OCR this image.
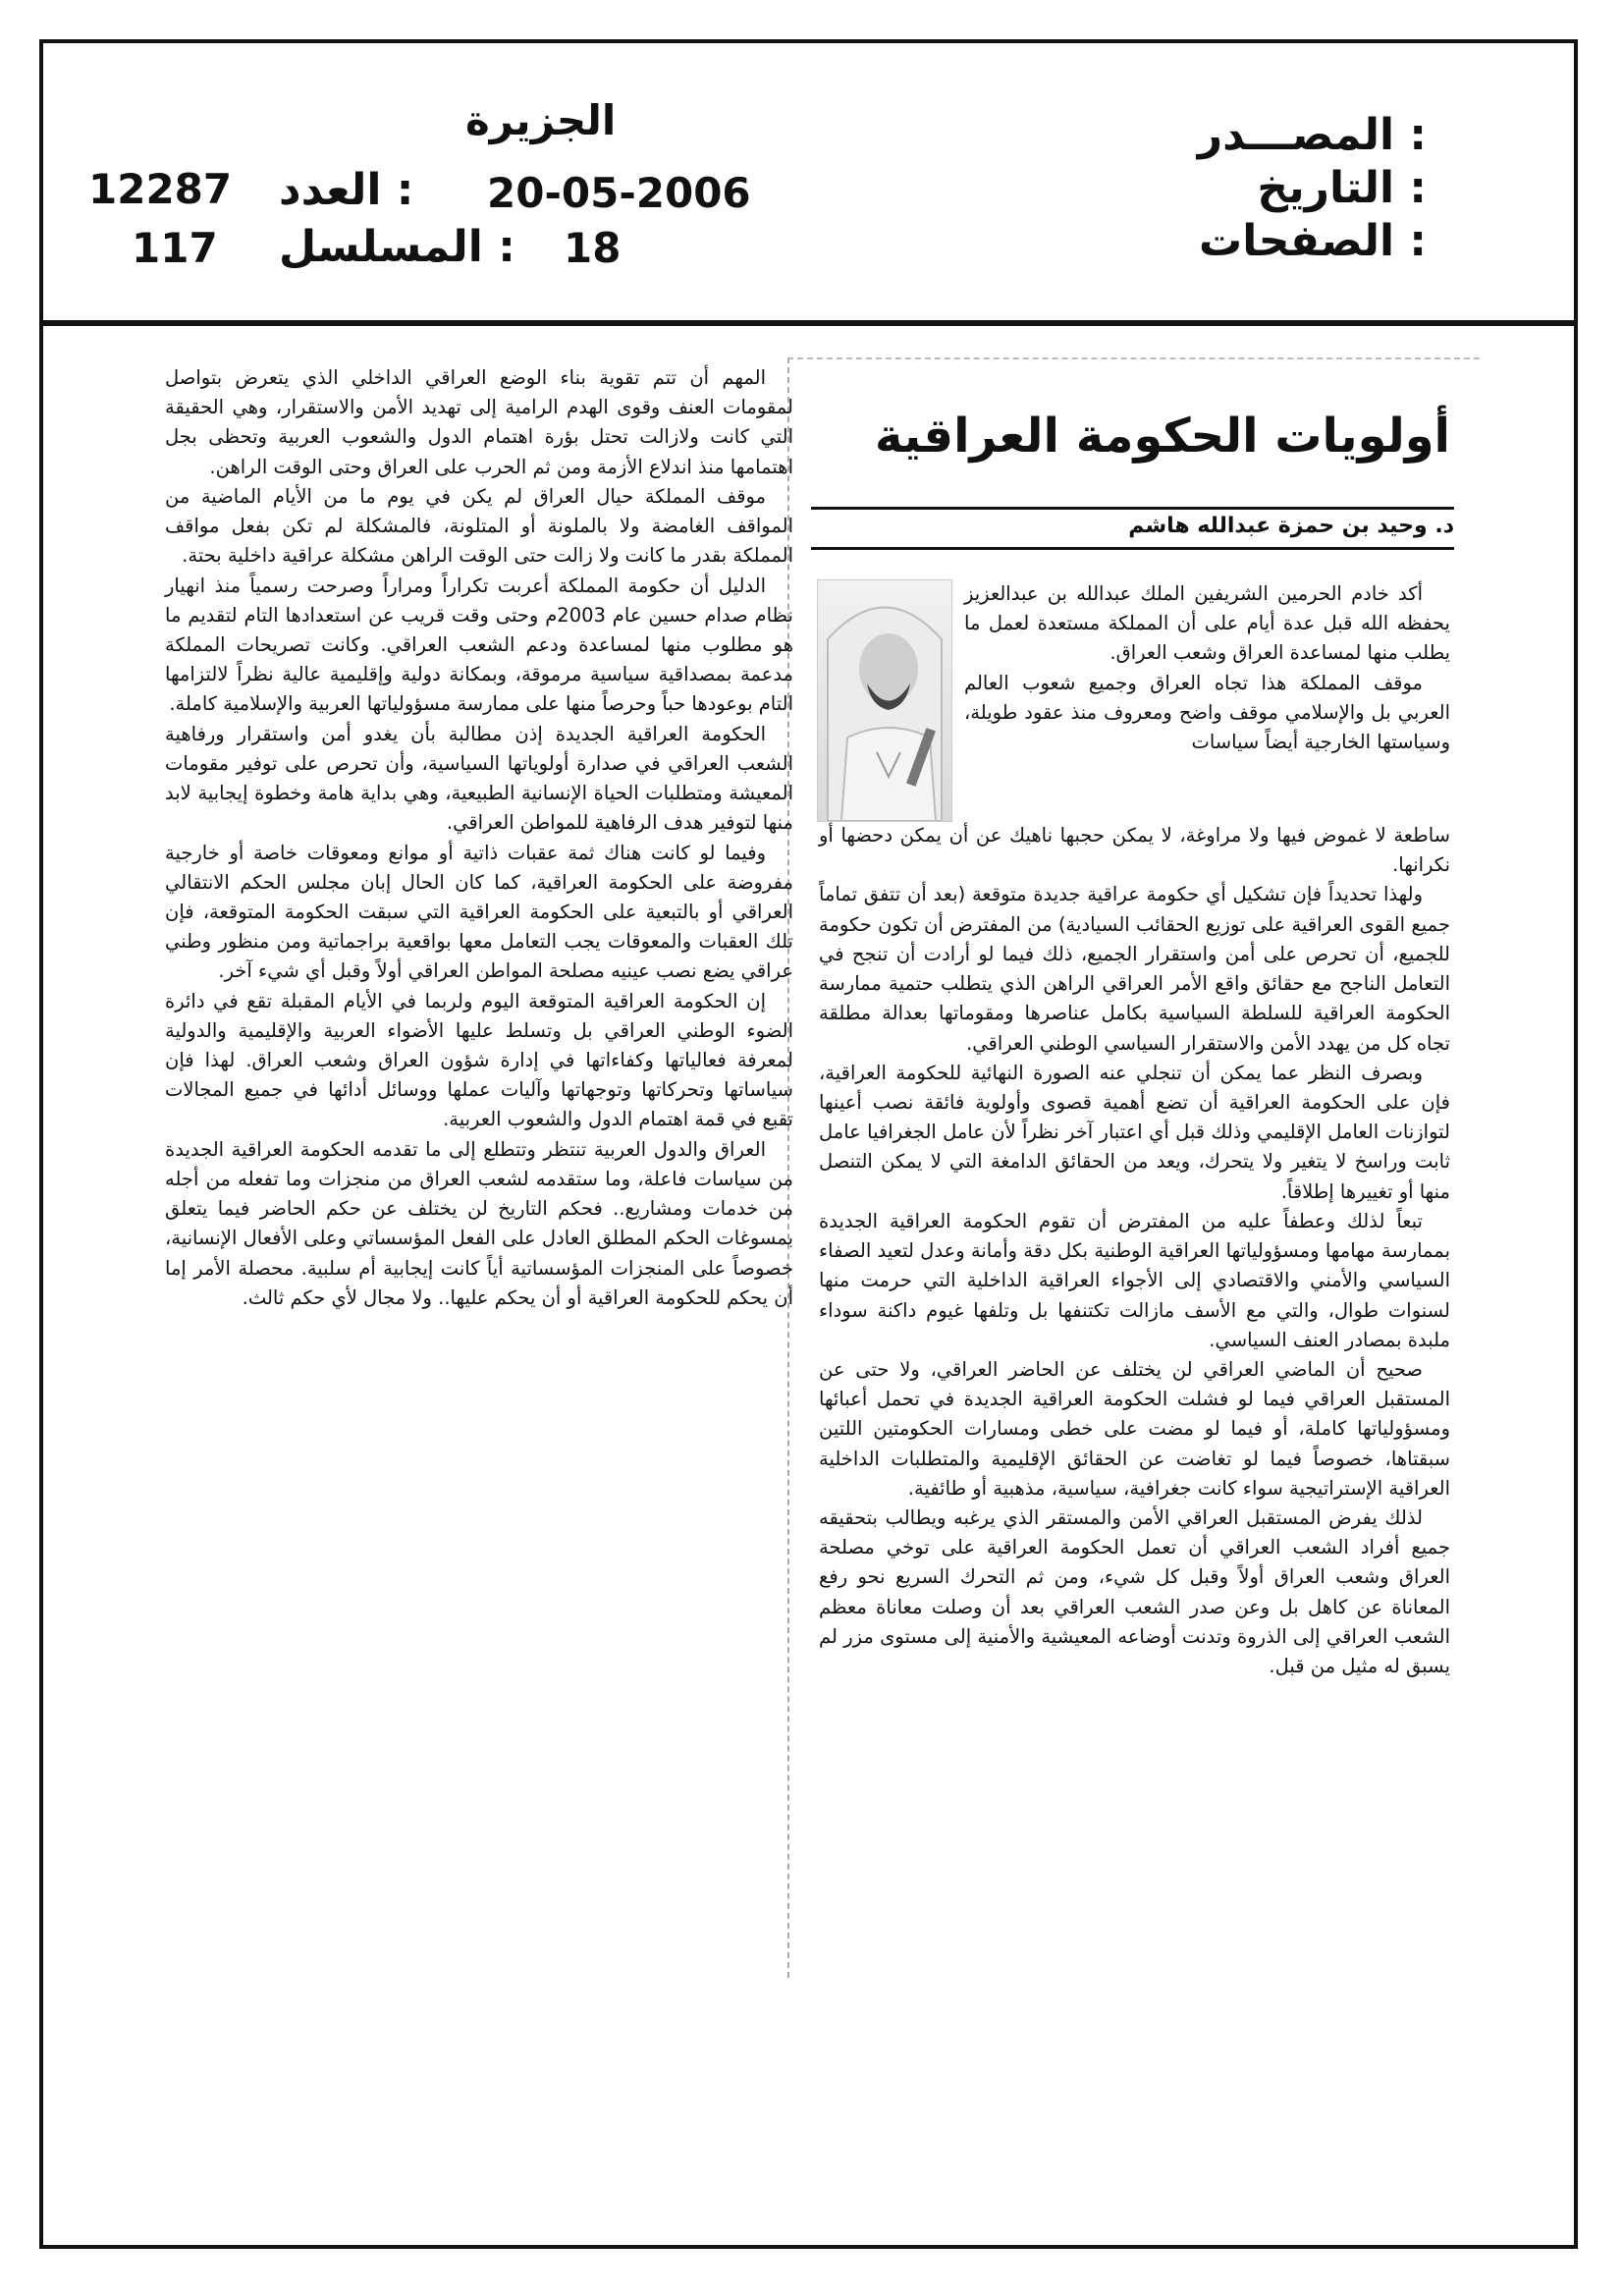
المصـــدر :
الجزيرة
التاريخ :
20-05-2006
العدد :
12287
الصفحات :
18
المسلسل :
117
أولويات الحكومة العراقية
د. وحيد بن حمزة عبدالله هاشم

أكد خادم الحرمين الشريفين الملك عبدالله بن عبدالعزيز يحفظه الله قبل عدة أيام على أن المملكة مستعدة لعمل ما يطلب منها لمساعدة العراق وشعب العراق.

موقف المملكة هذا تجاه العراق وجميع شعوب العالم العربي بل والإسلامي موقف واضح ومعروف منذ عقود طويلة، وسياستها الخارجية أيضاً سياسات

ساطعة لا غموض فيها ولا مراوغة، لا يمكن حجبها ناهيك عن أن يمكن دحضها أو نكرانها.

ولهذا تحديداً فإن تشكيل أي حكومة عراقية جديدة متوقعة (بعد أن تتفق تماماً جميع القوى العراقية على توزيع الحقائب السيادية) من المفترض أن تكون حكومة للجميع، أن تحرص على أمن واستقرار الجميع، ذلك فيما لو أرادت أن تنجح في التعامل الناجح مع حقائق واقع الأمر العراقي الراهن الذي يتطلب حتمية ممارسة الحكومة العراقية للسلطة السياسية بكامل عناصرها ومقوماتها بعدالة مطلقة تجاه كل من يهدد الأمن والاستقرار السياسي الوطني العراقي.

وبصرف النظر عما يمكن أن تنجلي عنه الصورة النهائية للحكومة العراقية، فإن على الحكومة العراقية أن تضع أهمية قصوى وأولوية فائقة نصب أعينها لتوازنات العامل الإقليمي وذلك قبل أي اعتبار آخر نظراً لأن عامل الجغرافيا عامل ثابت وراسخ لا يتغير ولا يتحرك، ويعد من الحقائق الدامغة التي لا يمكن التنصل منها أو تغييرها إطلاقاً.

تبعاً لذلك وعطفاً عليه من المفترض أن تقوم الحكومة العراقية الجديدة بممارسة مهامها ومسؤولياتها العراقية الوطنية بكل دقة وأمانة وعدل لتعيد الصفاء السياسي والأمني والاقتصادي إلى الأجواء العراقية الداخلية التي حرمت منها لسنوات طوال، والتي مع الأسف مازالت تكتنفها بل وتلفها غيوم داكنة سوداء ملبدة بمصادر العنف السياسي.

صحيح أن الماضي العراقي لن يختلف عن الحاضر العراقي، ولا حتى عن المستقبل العراقي فيما لو فشلت الحكومة العراقية الجديدة في تحمل أعبائها ومسؤولياتها كاملة، أو فيما لو مضت على خطى ومسارات الحكومتين اللتين سبقتاها، خصوصاً فيما لو تغاضت عن الحقائق الإقليمية والمتطلبات الداخلية العراقية الإستراتيجية سواء كانت جغرافية، سياسية، مذهبية أو طائفية.

لذلك يفرض المستقبل العراقي الأمن والمستقر الذي يرغبه ويطالب بتحقيقه جميع أفراد الشعب العراقي أن تعمل الحكومة العراقية على توخي مصلحة العراق وشعب العراق أولاً وقبل كل شيء، ومن ثم التحرك السريع نحو رفع المعاناة عن كاهل بل وعن صدر الشعب العراقي بعد أن وصلت معاناة معظم الشعب العراقي إلى الذروة وتدنت أوضاعه المعيشية والأمنية إلى مستوى مزر لم يسبق له مثيل من قبل.

المهم أن تتم تقوية بناء الوضع العراقي الداخلي الذي يتعرض بتواصل لمقومات العنف وقوى الهدم الرامية إلى تهديد الأمن والاستقرار، وهي الحقيقة التي كانت ولازالت تحتل بؤرة اهتمام الدول والشعوب العربية وتحظى بجل اهتمامها منذ اندلاع الأزمة ومن ثم الحرب على العراق وحتى الوقت الراهن.

موقف المملكة حيال العراق لم يكن في يوم ما من الأيام الماضية من المواقف الغامضة ولا بالملونة أو المتلونة، فالمشكلة لم تكن بفعل مواقف المملكة بقدر ما كانت ولا زالت حتى الوقت الراهن مشكلة عراقية داخلية بحتة.

الدليل أن حكومة المملكة أعربت تكراراً ومراراً وصرحت رسمياً منذ انهيار نظام صدام حسين عام 2003م وحتى وقت قريب عن استعدادها التام لتقديم ما هو مطلوب منها لمساعدة ودعم الشعب العراقي. وكانت تصريحات المملكة مدعمة بمصداقية سياسية مرموقة، وبمكانة دولية وإقليمية عالية نظراً لالتزامها التام بوعودها حباً وحرصاً منها على ممارسة مسؤولياتها العربية والإسلامية كاملة.

الحكومة العراقية الجديدة إذن مطالبة بأن يغدو أمن واستقرار ورفاهية الشعب العراقي في صدارة أولوياتها السياسية، وأن تحرص على توفير مقومات المعيشة ومتطلبات الحياة الإنسانية الطبيعية، وهي بداية هامة وخطوة إيجابية لابد منها لتوفير هدف الرفاهية للمواطن العراقي.

وفيما لو كانت هناك ثمة عقبات ذاتية أو موانع ومعوقات خاصة أو خارجية مفروضة على الحكومة العراقية، كما كان الحال إبان مجلس الحكم الانتقالي العراقي أو بالتبعية على الحكومة العراقية التي سبقت الحكومة المتوقعة، فإن تلك العقبات والمعوقات يجب التعامل معها بواقعية براجماتية ومن منظور وطني عراقي يضع نصب عينيه مصلحة المواطن العراقي أولاً وقبل أي شيء آخر.

إن الحكومة العراقية المتوقعة اليوم ولربما في الأيام المقبلة تقع في دائرة الضوء الوطني العراقي بل وتسلط عليها الأضواء العربية والإقليمية والدولية لمعرفة فعالياتها وكفاءاتها في إدارة شؤون العراق وشعب العراق. لهذا فإن سياساتها وتحركاتها وتوجهاتها وآليات عملها ووسائل أدائها في جميع المجالات تقبع في قمة اهتمام الدول والشعوب العربية.

العراق والدول العربية تنتظر وتتطلع إلى ما تقدمه الحكومة العراقية الجديدة من سياسات فاعلة، وما ستقدمه لشعب العراق من منجزات وما تفعله من أجله من خدمات ومشاريع.. فحكم التاريخ لن يختلف عن حكم الحاضر فيما يتعلق بمسوغات الحكم المطلق العادل على الفعل المؤسساتي وعلى الأفعال الإنسانية، خصوصاً على المنجزات المؤسساتية أياً كانت إيجابية أم سلبية. محصلة الأمر إما أن يحكم للحكومة العراقية أو أن يحكم عليها.. ولا مجال لأي حكم ثالث.
